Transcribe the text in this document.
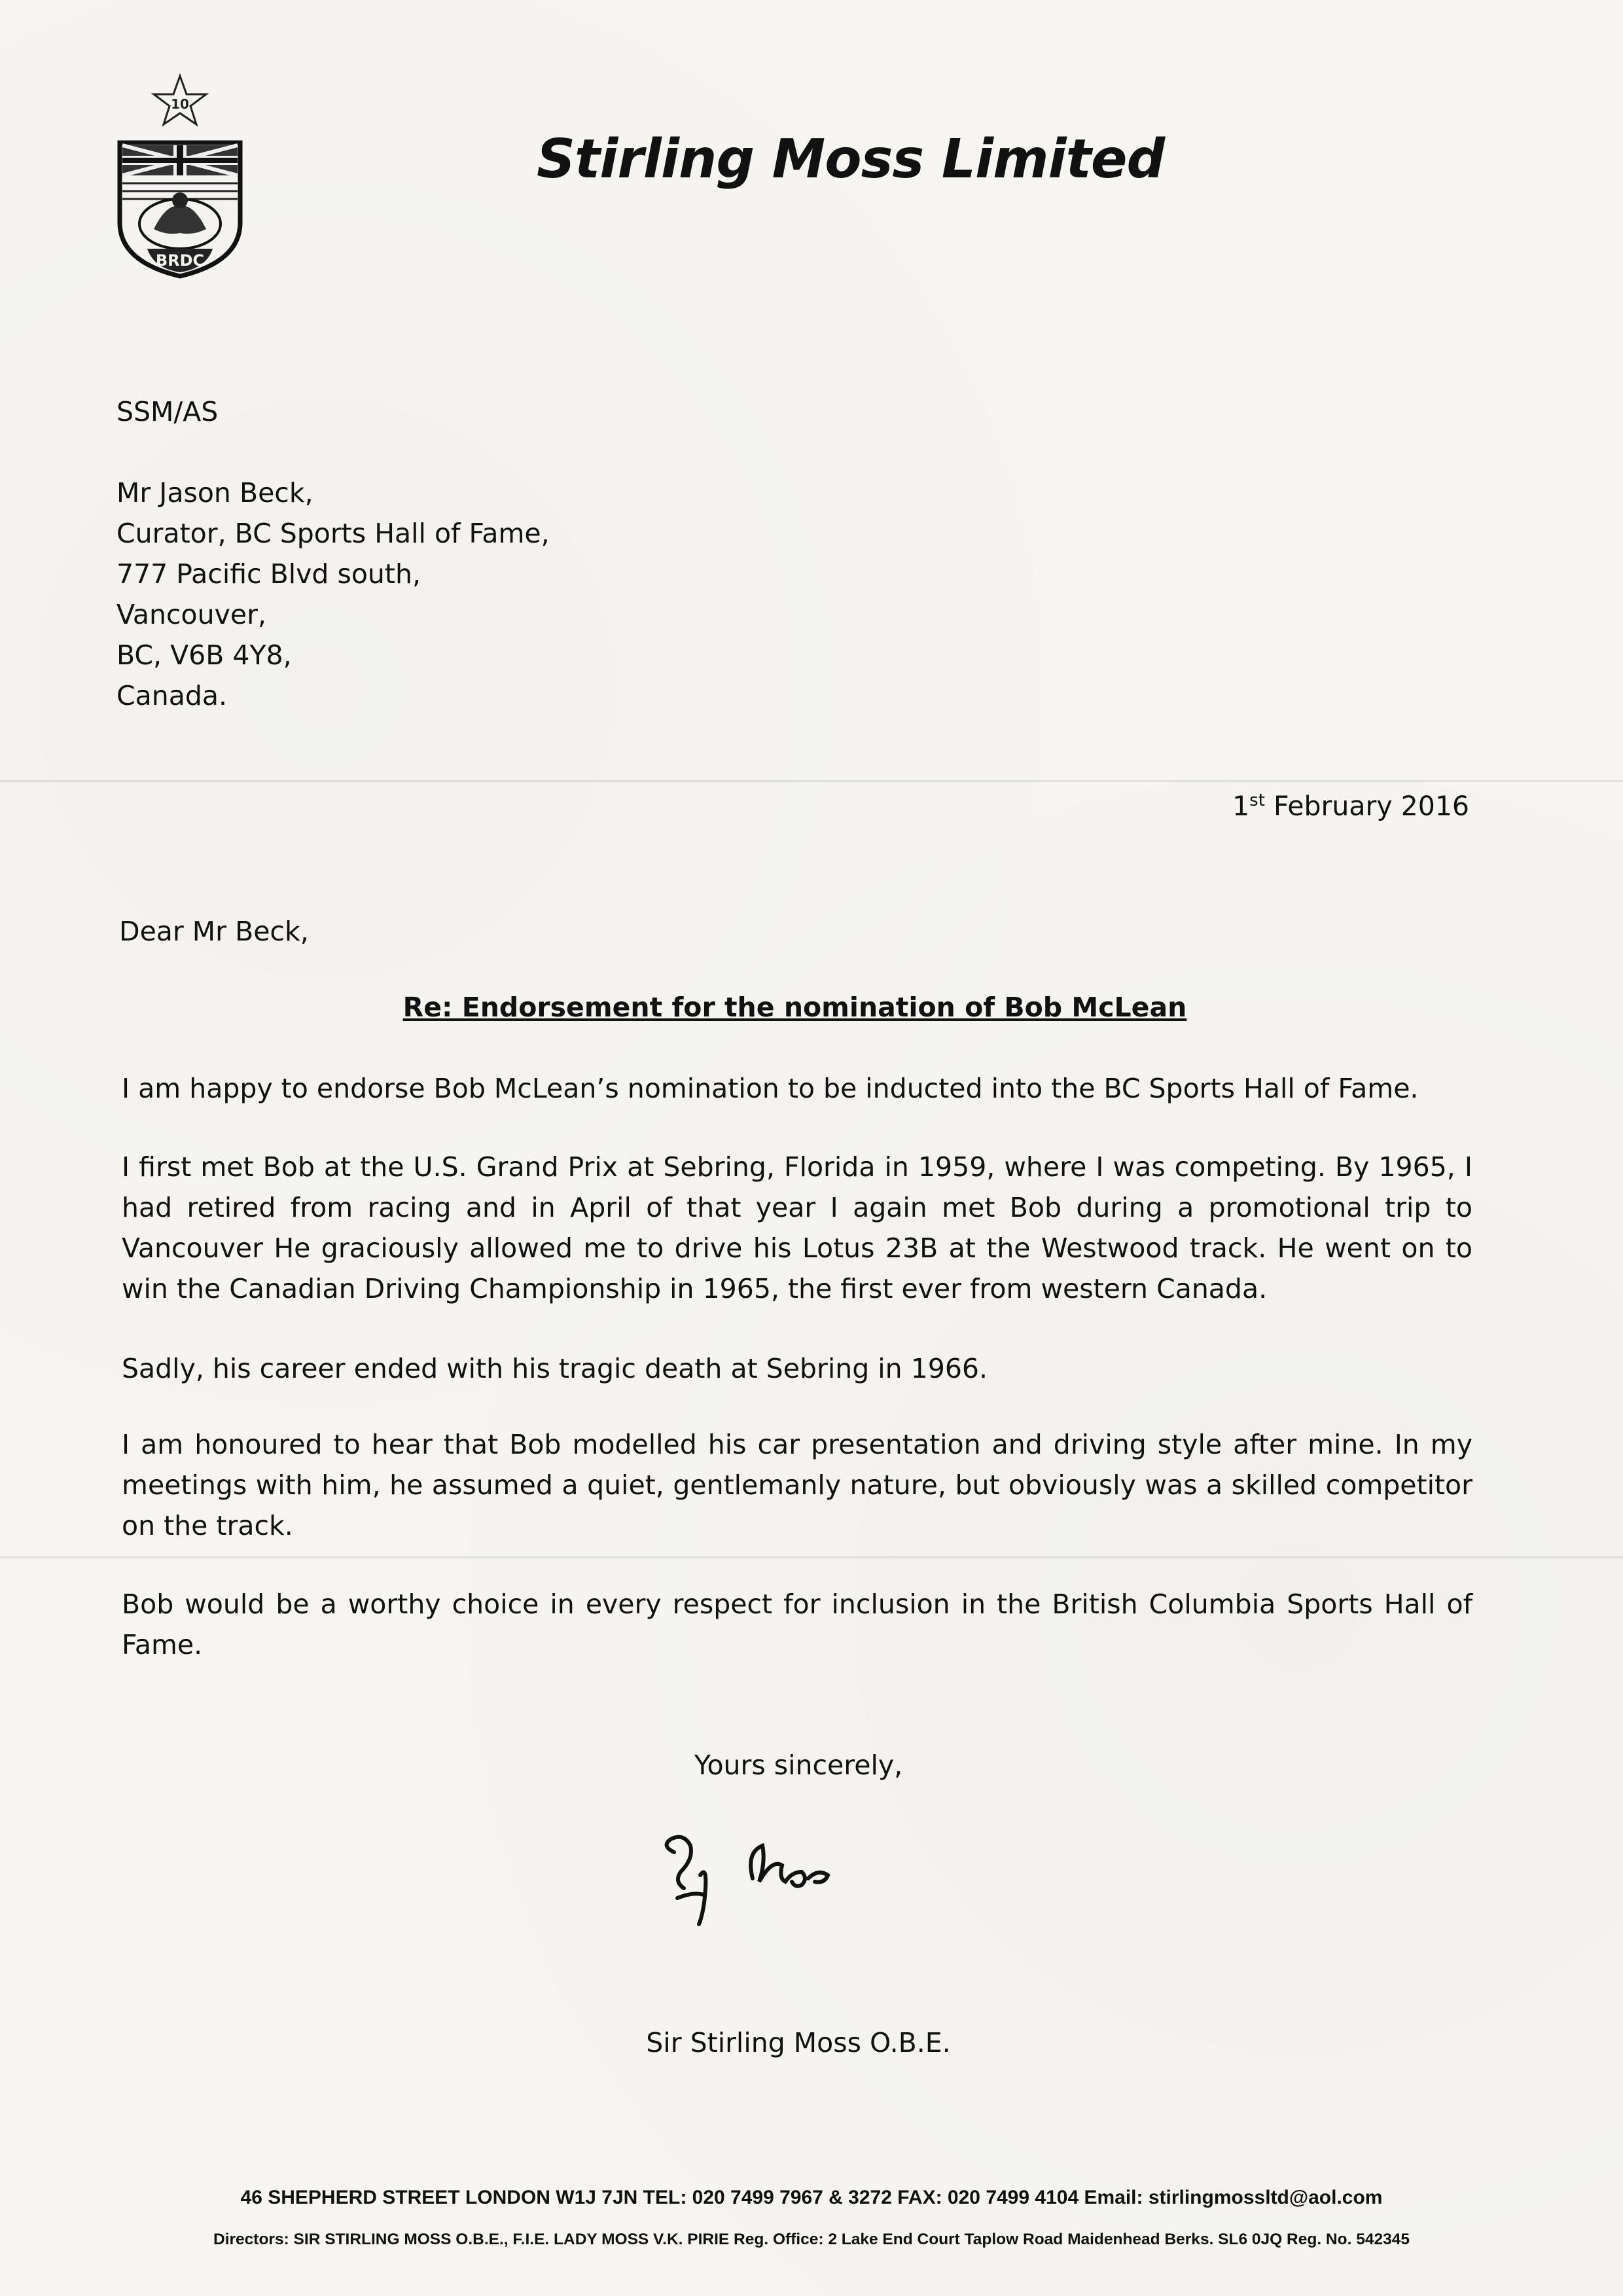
10
BRDC
Stirling Moss Limited
SSM/AS
Mr Jason Beck,
Curator, BC Sports Hall of Fame,
777 Pacific Blvd south,
Vancouver,
BC, V6B 4Y8,
Canada.
1st February 2016
Dear Mr Beck,
Re: Endorsement for the nomination of Bob McLean

I am happy to endorse Bob McLean’s nomination to be inducted into the BC Sports Hall of Fame.

I first met Bob at the U.S. Grand Prix at Sebring, Florida in 1959, where I was competing. By 1965, I had retired from racing and in April of that year I again met Bob during a promotional trip to Vancouver He graciously allowed me to drive his Lotus 23B at the Westwood track. He went on to win the Canadian Driving Championship in 1965, the first ever from western Canada.

Sadly, his career ended with his tragic death at Sebring in 1966.

I am honoured to hear that Bob modelled his car presentation and driving style after mine. In my meetings with him, he assumed a quiet, gentlemanly nature, but obviously was a skilled competitor on the track.

Bob would be a worthy choice in every respect for inclusion in the British Columbia Sports Hall of Fame.

Yours sincerely,
Sir Stirling Moss O.B.E.
46 SHEPHERD STREET LONDON W1J 7JN TEL: 020 7499 7967 & 3272 FAX: 020 7499 4104 Email: stirlingmossltd@aol.com
Directors: SIR STIRLING MOSS O.B.E., F.I.E. LADY MOSS V.K. PIRIE Reg. Office: 2 Lake End Court Taplow Road Maidenhead Berks. SL6 0JQ Reg. No. 542345
